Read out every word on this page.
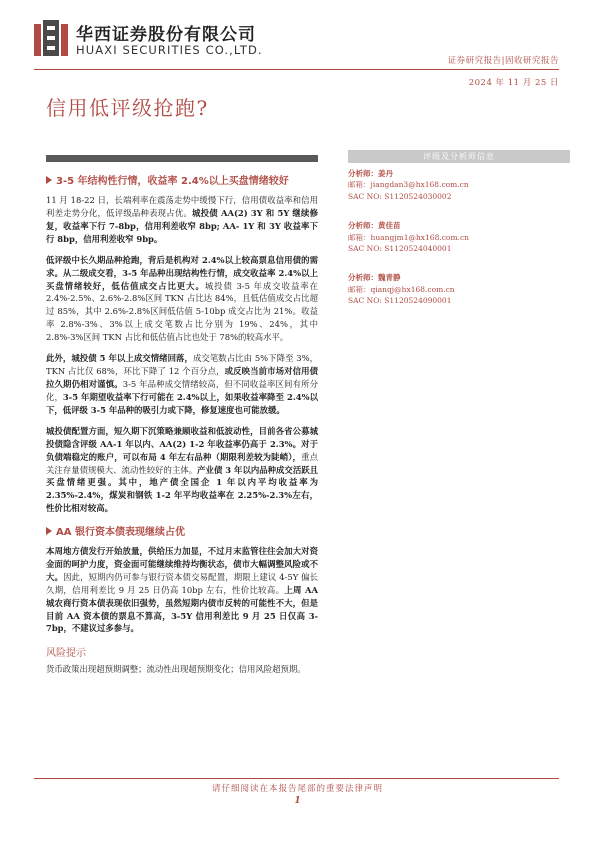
华西证券股份有限公司
HUAXI SECURITIES CO.,LTD.
证券研究报告|固收研究报告
2024 年 11 月 25 日
信用低评级抢跑?
3-5 年结构性行情，收益率 2.4%以上买盘情绪较好

11 月 18-22 日，长端利率在震荡走势中缓慢下行，信用债收益率和信用利差走势分化，低评级品种表现占优。城投债 AA(2) 3Y 和 5Y 继续修复，收益率下行 7-8bp，信用利差收窄 8bp; AA- 1Y 和 3Y 收益率下行 8bp，信用利差收窄 9bp。

低评级中长久期品种抢跑，背后是机构对 2.4%以上较高票息信用债的需求。从二级成交看，3-5 年品种出现结构性行情，成交收益率 2.4%以上买盘情绪较好，低估值成交占比更大。城投债 3-5 年成交收益率在 2.4%-2.5%、2.6%-2.8%区间 TKN 占比达 84%，且低估值成交占比超过 85%，其中 2.6%-2.8%区间低估值 5-10bp 成交占比为 21%。收益率 2.8%-3%、3%以上成交笔数占比分别为 19%、24%，其中 2.8%-3%区间 TKN 占比和低估值占比也处于 78%的较高水平。

此外，城投债 5 年以上成交情绪回落，成交笔数占比由 5%下降至 3%，TKN 占比仅 68%，环比下降了 12 个百分点，或反映当前市场对信用债拉久期仍相对谨慎。3-5 年品种成交情绪较高，但不同收益率区间有所分化，3-5 年期望收益率下行可能在 2.4%以上，如果收益率降至 2.4%以下，低评级 3-5 年品种的吸引力或下降，修复速度也可能放缓。

城投债配置方面，短久期下沉策略兼顾收益和低波动性，目前各省公募城投债隐含评级 AA-1 年以内、AA(2) 1-2 年收益率仍高于 2.3%。对于负债端稳定的账户，可以布局 4 年左右品种（期限利差较为陡峭），重点关注存量债规模大、流动性较好的主体。产业债 3 年以内品种成交活跃且买盘情绪更强。其中，地产债全国企 1 年以内平均收益率为 2.35%-2.4%，煤炭和钢铁 1-2 年平均收益率在 2.25%-2.3%左右，性价比相对较高。

AA 银行资本债表现继续占优

本周地方债发行开始放量，供给压力加显，不过月末监管往往会加大对资金面的呵护力度，资金面可能继续维持均衡状态，债市大幅调整风险或不大。因此，短期内仍可参与银行资本债交易配置，期限上建议 4-5Y 偏长久期，信用利差比 9 月 25 日仍高 10bp 左右，性价比较高。上周 AA 城农商行资本债表现依旧强势，虽然短期内债市反转的可能性不大，但是目前 AA 资本债的票息不算高，3-5Y 信用利差比 9 月 25 日仅高 3-7bp，不建议过多参与。

风险提示

货币政策出现超预期调整；流动性出现超预期变化；信用风险超预期。

评级及分析师信息
分析师：姜丹
邮箱：jiangdan3@hx168.com.cn
SAC NO: S1120524030002
分析师：黄佳苗
邮箱：huangjm1@hx168.com.cn
SAC NO: S1120524040001
分析师：魏青静
邮箱：qianqj@hx168.com.cn
SAC NO: S1120524090001
请仔细阅读在本报告尾部的重要法律声明
1
